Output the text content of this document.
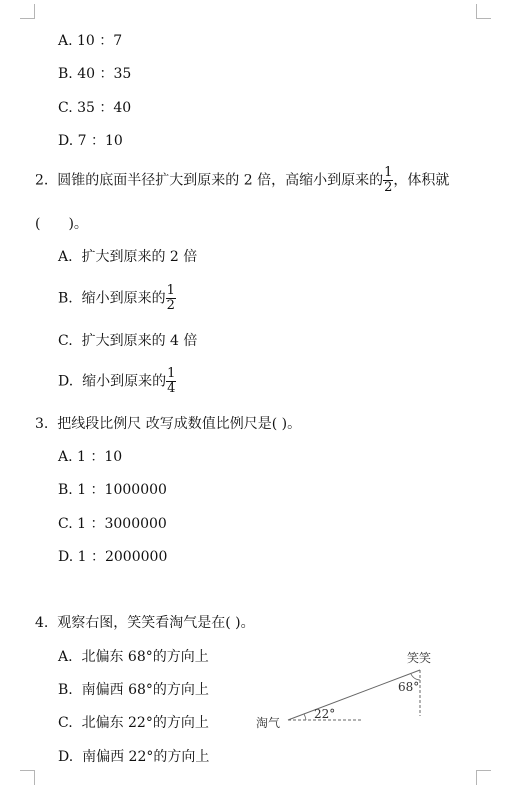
A. 10 ：7
B. 40 ：35
C. 35 ：40
D. 7 ：10
2. 圆锥的底面半径扩大到原来的 2 倍，高缩小到原来的 $\frac{1}{2}$ ，体积就
( )。
A. 扩大到原来的 2 倍
B. 缩小到原来的 $\frac{1}{2}$
C. 扩大到原来的 4 倍
D. 缩小到原来的 $\frac{1}{4}$
3. 把线段比例尺 改写成数值比例尺是( )。
A. 1 ：10
B. 1 ：1000000
C. 1 ：3000000
D. 1 ：2000000
4. 观察右图，笑笑看淘气是在( )。
A. 北偏东 68°的方向上
B. 南偏西 68°的方向上
C. 北偏东 22°的方向上
D. 南偏西 22°的方向上
笑笑
68°
22°
淘气
